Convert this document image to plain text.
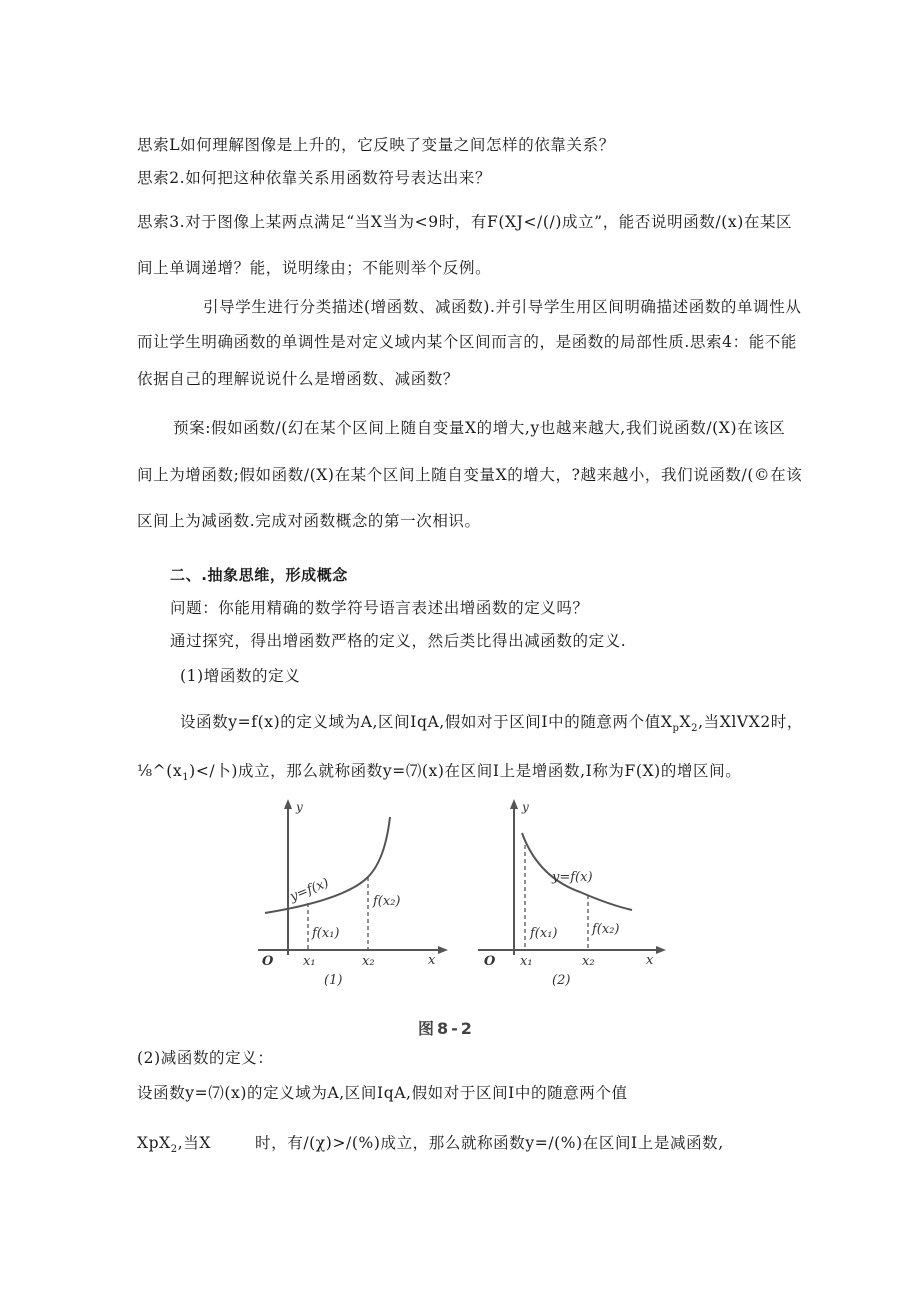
思索L如何理解图像是上升的，它反映了变量之间怎样的依靠关系？
思索2.如何把这种依靠关系用函数符号表达出来？
思索3.对于图像上某两点满足“当X当为<9时，有F(XJ</(/)成立”，能否说明函数/(x)在某区
间上单调递增？能，说明缘由；不能则举个反例。
引导学生进行分类描述(增函数、减函数).并引导学生用区间明确描述函数的单调性从
而让学生明确函数的单调性是对定义域内某个区间而言的，是函数的局部性质.思索4：能不能
依据自己的理解说说什么是增函数、减函数？
预案:假如函数/(幻在某个区间上随自变量X的增大,y也越来越大,我们说函数/(X)在该区
间上为增函数;假如函数/(X)在某个区间上随自变量X的增大，?越来越小，我们说函数/(©在该
区间上为减函数.完成对函数概念的第一次相识。
二、.抽象思维，形成概念
问题：你能用精确的数学符号语言表述出增函数的定义吗？
通过探究，得出增函数严格的定义，然后类比得出减函数的定义.
(1)增函数的定义
设函数y=f(x)的定义域为A,区间IqA,假如对于区间I中的随意两个值$X_pX_2$,当XlVX2时，
$\frac{1}{8}\^{}(x_1)</$卜)成立，那么就称函数y=⑺(x)在区间I上是增函数,I称为F(X)的增区间。
y
y=f(x)	f(x₂)
f(x₁)
O x₁	x₂	x
(1)
y
y=f(x)
f(x₁)	f(x₂)
O x₁	x₂	x
(2)
图8-2
(2)减函数的定义：
设函数y=⑺(x)的定义域为A,区间IqA,假如对于区间I中的随意两个值
XpX$_2$,当X	时，有/(χ)>/(%)成立，那么就称函数y=/(%)在区间I上是减函数,
